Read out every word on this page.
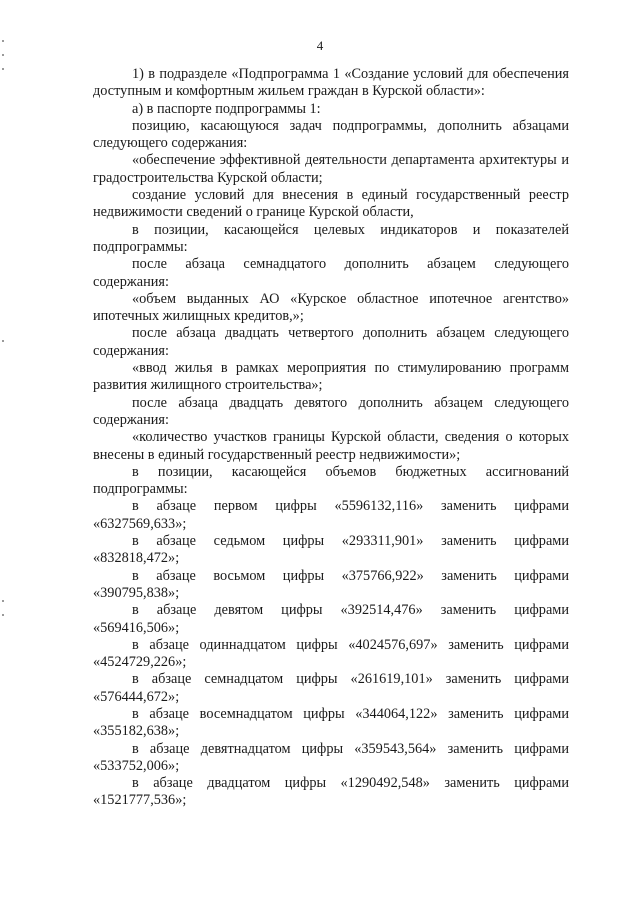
4

1) в подразделе «Подпрограмма 1 «Создание условий для обеспечения доступным и комфортным жильем граждан в Курской области»:

а) в паспорте подпрограммы 1:

позицию, касающуюся задач подпрограммы, дополнить абзацами следующего содержания:

«обеспечение эффективной деятельности департамента архитектуры и градостроительства Курской области;

создание условий для внесения в единый государственный реестр недвижимости сведений о границе Курской области,

в позиции, касающейся целевых индикаторов и показателей подпрограммы:

после абзаца семнадцатого дополнить абзацем следующего содержания:

«объем выданных АО «Курское областное ипотечное агентство» ипотечных жилищных кредитов,»;

после абзаца двадцать четвертого дополнить абзацем следующего содержания:

«ввод жилья в рамках мероприятия по стимулированию программ развития жилищного строительства»;

после абзаца двадцать девятого дополнить абзацем следующего содержания:

«количество участков границы Курской области, сведения о которых внесены в единый государственный реестр недвижимости»;

в позиции, касающейся объемов бюджетных ассигнований подпрограммы:

в абзаце первом цифры «5596132,116» заменить цифрами «6327569,633»;

в абзаце седьмом цифры «293311,901» заменить цифрами «832818,472»;

в абзаце восьмом цифры «375766,922» заменить цифрами «390795,838»;

в абзаце девятом цифры «392514,476» заменить цифрами «569416,506»;

в абзаце одиннадцатом цифры «4024576,697» заменить цифрами «4524729,226»;

в абзаце семнадцатом цифры «261619,101» заменить цифрами «576444,672»;

в абзаце восемнадцатом цифры «344064,122» заменить цифрами «355182,638»;

в абзаце девятнадцатом цифры «359543,564» заменить цифрами «533752,006»;

в абзаце двадцатом цифры «1290492,548» заменить цифрами «1521777,536»;
